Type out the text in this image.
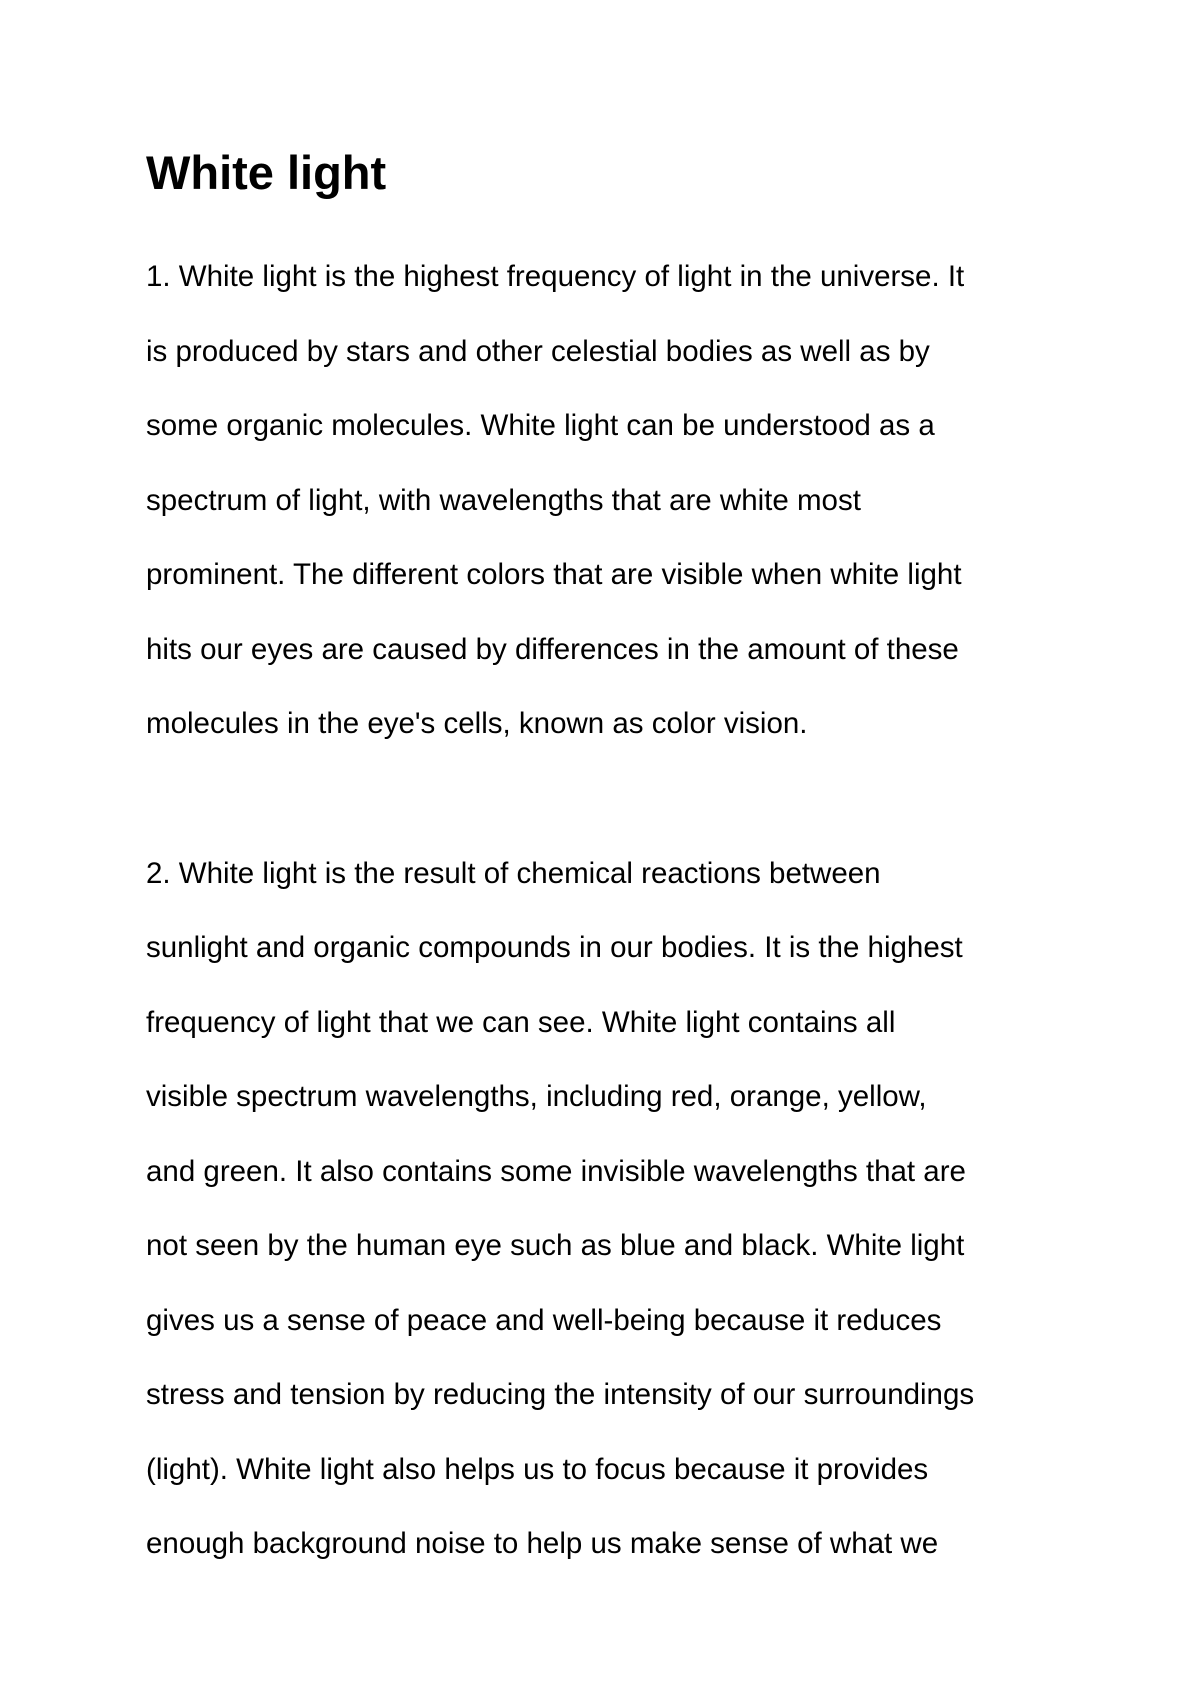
White light

1. White light is the highest frequency of light in the universe. It

is produced by stars and other celestial bodies as well as by

some organic molecules. White light can be understood as a

spectrum of light, with wavelengths that are white most

prominent. The different colors that are visible when white light

hits our eyes are caused by differences in the amount of these

molecules in the eye's cells, known as color vision.

2. White light is the result of chemical reactions between

sunlight and organic compounds in our bodies. It is the highest

frequency of light that we can see. White light contains all

visible spectrum wavelengths, including red, orange, yellow,

and green. It also contains some invisible wavelengths that are

not seen by the human eye such as blue and black. White light

gives us a sense of peace and well-being because it reduces

stress and tension by reducing the intensity of our surroundings

(light). White light also helps us to focus because it provides

enough background noise to help us make sense of what we
